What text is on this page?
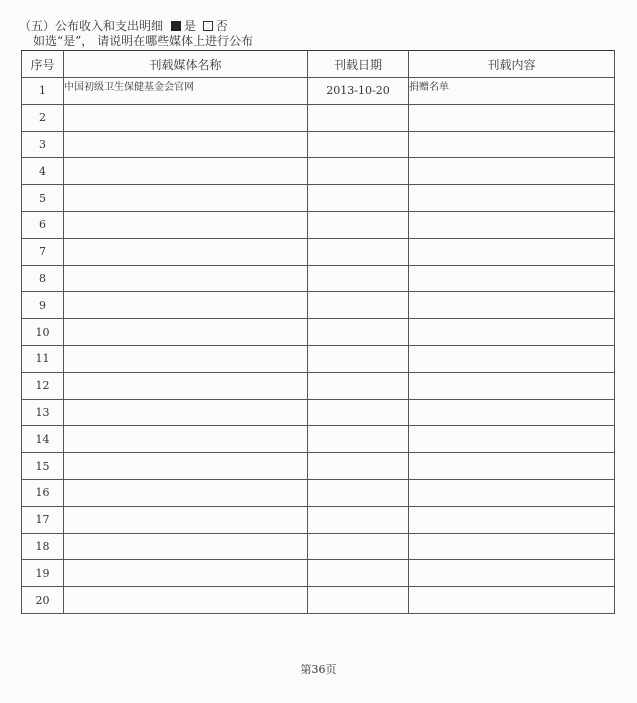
（五）公布收入和支出明细 是 否
如选“是”， 请说明在哪些媒体上进行公布
序号	刊载媒体名称	刊载日期	刊载内容
1	中国初级卫生保健基金会官网	2013-10-20	捐赠名单
2			
3			
4			
5			
6			
7			
8			
9			
10			
11			
12			
13			
14			
15			
16			
17			
18			
19			
20			
第36页
